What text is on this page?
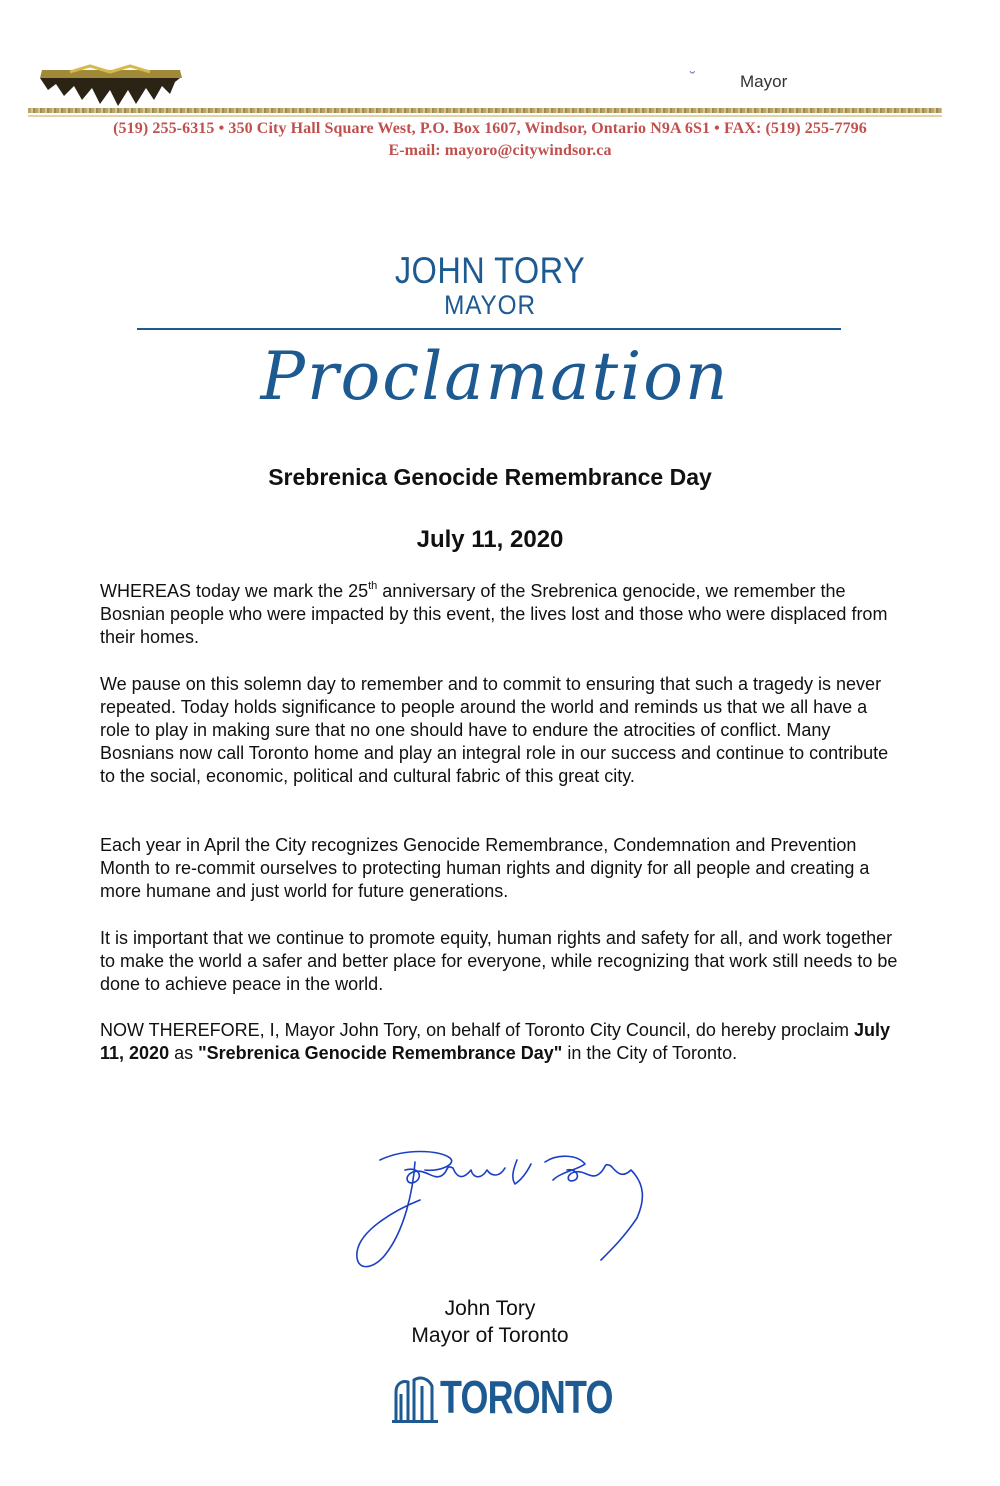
˘	Mayor
(519) 255-6315 • 350 City Hall Square West, P.O. Box 1607, Windsor, Ontario N9A 6S1 • FAX: (519) 255-7796
E-mail: mayoro@citywindsor.ca
JOHN TORY
MAYOR
Proclamation
Srebrenica Genocide Remembrance Day
July 11, 2020
WHEREAS today we mark the 25th anniversary of the Srebrenica genocide, we remember the Bosnian people who were impacted by this event, the lives lost and those who were displaced from their homes.
We pause on this solemn day to remember and to commit to ensuring that such a tragedy is never repeated. Today holds significance to people around the world and reminds us that we all have a role to play in making sure that no one should have to endure the atrocities of conflict. Many Bosnians now call Toronto home and play an integral role in our success and continue to contribute to the social, economic, political and cultural fabric of this great city.
Each year in April the City recognizes Genocide Remembrance, Condemnation and Prevention Month to re-commit ourselves to protecting human rights and dignity for all people and creating a more humane and just world for future generations.
It is important that we continue to promote equity, human rights and safety for all, and work together to make the world a safer and better place for everyone, while recognizing that work still needs to be done to achieve peace in the world.
NOW THEREFORE, I, Mayor John Tory, on behalf of Toronto City Council, do hereby proclaim July 11, 2020 as "Srebrenica Genocide Remembrance Day" in the City of Toronto.
John Tory
Mayor of Toronto
TORONTO
